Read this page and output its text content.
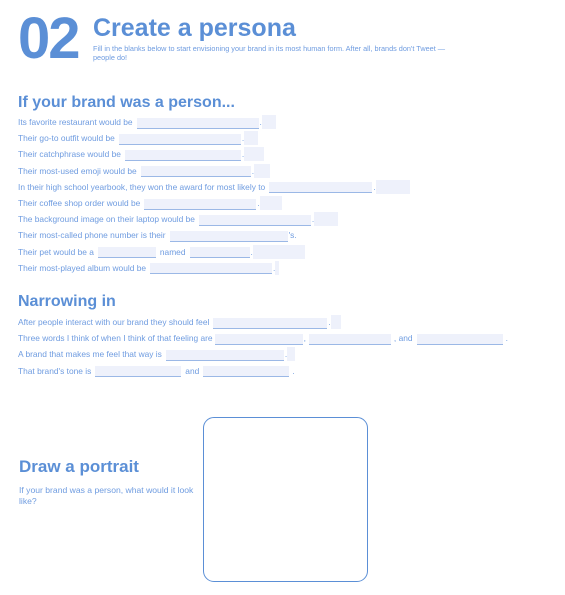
02 Create a persona
Fill in the blanks below to start envisioning your brand in its most human form. After all, brands don't Tweet — people do!
If your brand was a person...
Its favorite restaurant would be	.
Their go-to outfit would be	.
Their catchphrase would be	.
Their most-used emoji would be	.
In their high school yearbook, they won the award for most likely to	.
Their coffee shop order would be	.
The background image on their laptop would be	.
Their most-called phone number is their	's.
Their pet would be a	named	.
Their most-played album would be	.
Narrowing in
After people interact with our brand they should feel	.
Three words I think of when I think of that feeling are	,	, and	.
A brand that makes me feel that way is	.
That brand's tone is	and	.
Draw a portrait
If your brand was a person, what would it look like?
